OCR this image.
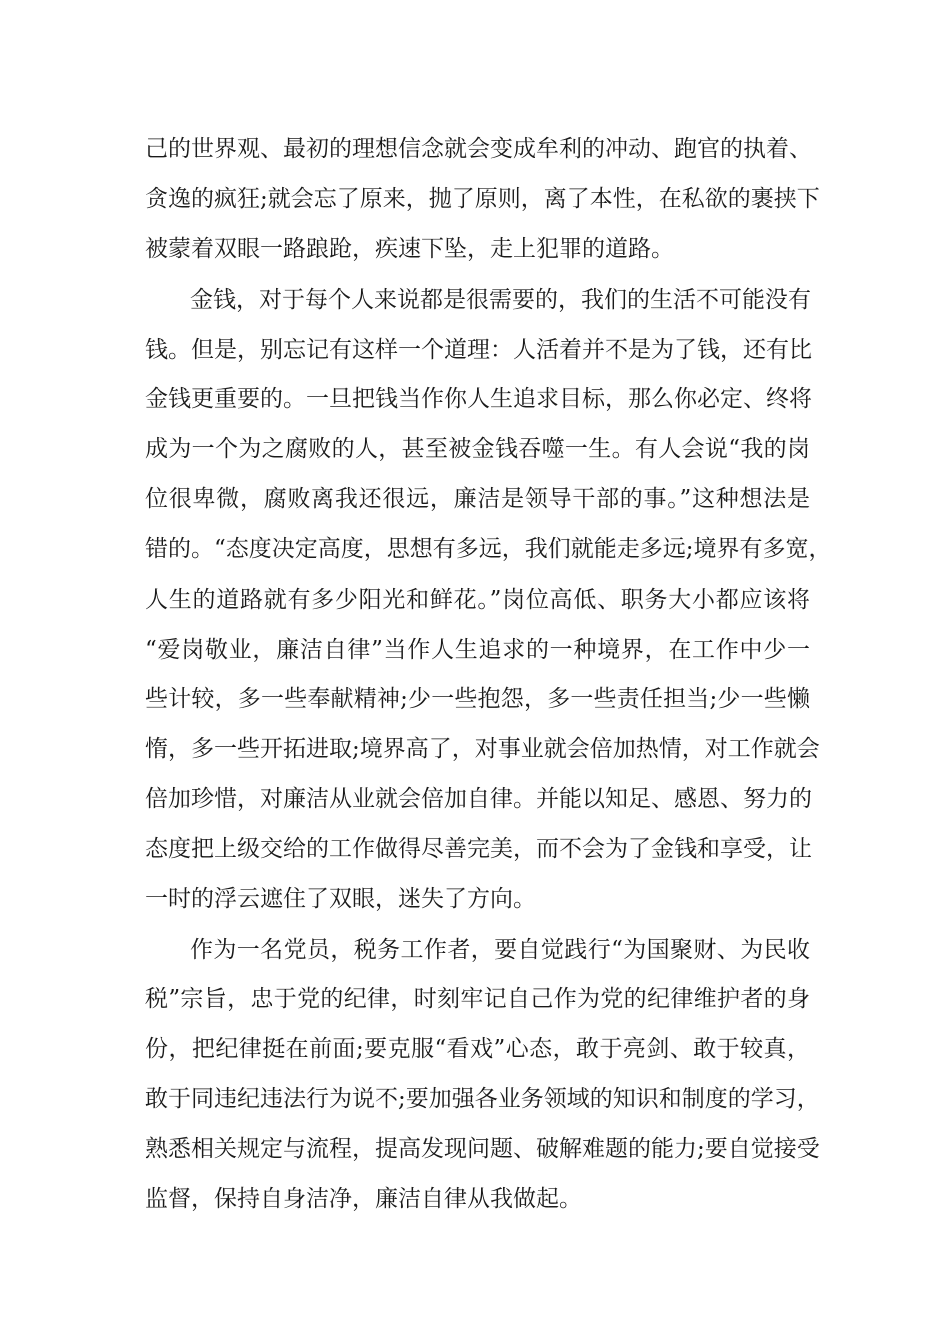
己的世界观、最初的理想信念就会变成牟利的冲动、跑官的执着、

贪逸的疯狂;就会忘了原来，抛了原则，离了本性，在私欲的裹挟下

被蒙着双眼一路踉跄，疾速下坠，走上犯罪的道路。

金钱，对于每个人来说都是很需要的，我们的生活不可能没有

钱。但是，别忘记有这样一个道理：人活着并不是为了钱，还有比

金钱更重要的。一旦把钱当作你人生追求目标，那么你必定、终将

成为一个为之腐败的人，甚至被金钱吞噬一生。有人会说“我的岗

位很卑微，腐败离我还很远，廉洁是领导干部的事。”这种想法是

错的。“态度决定高度，思想有多远，我们就能走多远;境界有多宽，

人生的道路就有多少阳光和鲜花。”岗位高低、职务大小都应该将

“爱岗敬业，廉洁自律”当作人生追求的一种境界，在工作中少一

些计较，多一些奉献精神;少一些抱怨，多一些责任担当;少一些懒

惰，多一些开拓进取;境界高了，对事业就会倍加热情，对工作就会

倍加珍惜，对廉洁从业就会倍加自律。并能以知足、感恩、努力的

态度把上级交给的工作做得尽善完美，而不会为了金钱和享受，让

一时的浮云遮住了双眼，迷失了方向。

作为一名党员，税务工作者，要自觉践行“为国聚财、为民收

税”宗旨，忠于党的纪律，时刻牢记自己作为党的纪律维护者的身

份，把纪律挺在前面;要克服“看戏”心态，敢于亮剑、敢于较真，

敢于同违纪违法行为说不;要加强各业务领域的知识和制度的学习，

熟悉相关规定与流程，提高发现问题、破解难题的能力;要自觉接受

监督，保持自身洁净，廉洁自律从我做起。
